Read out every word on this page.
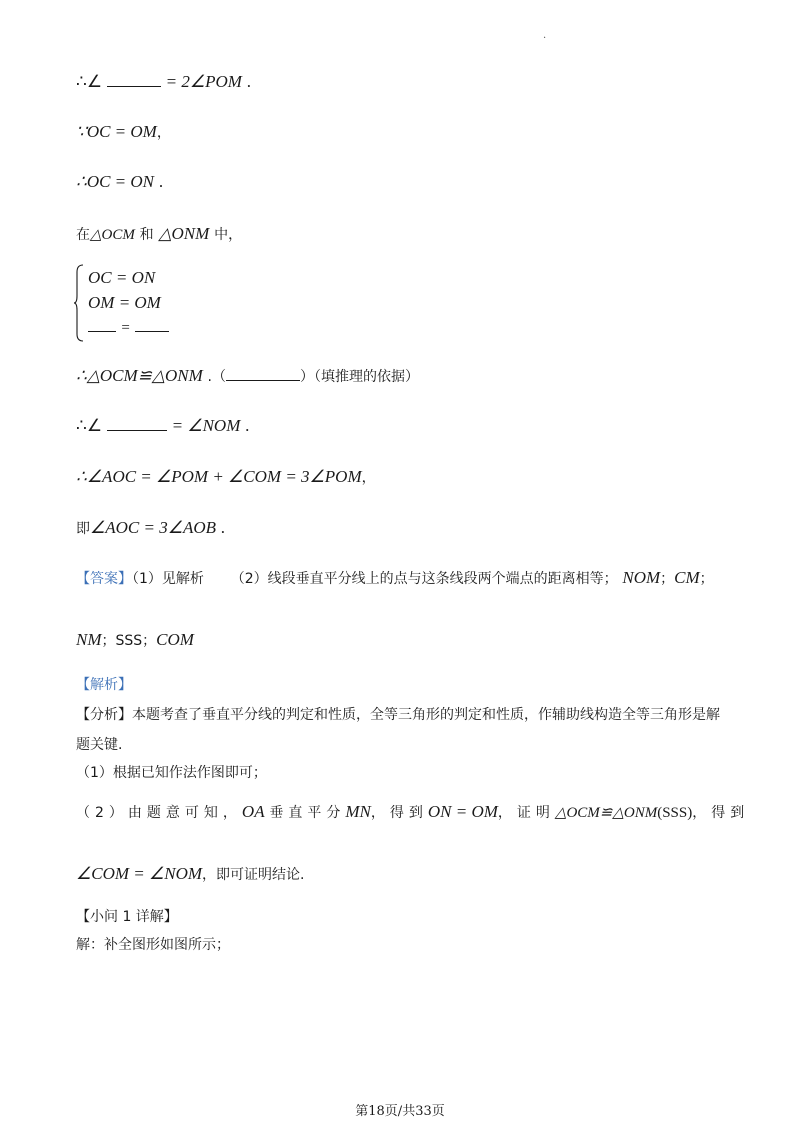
.
∴∠	= 2∠POM .
∵OC = OM，
∴OC = ON .
在△OCM 和 △ONM 中，
OC = ON
OM = OM
=
∴△OCM≌△ONM .（	）（填推理的依据）
∴∠	= ∠NOM .
∴∠AOC = ∠POM + ∠COM = 3∠POM，
即∠AOC = 3∠AOB .
【答案】（1）见解析 （2）线段垂直平分线上的点与这条线段两个端点的距离相等； NOM；CM；
NM；SSS；COM
【解析】
【分析】本题考查了垂直平分线的判定和性质，全等三角形的判定和性质，作辅助线构造全等三角形是解
题关键.
（1）根据已知作法作图即可；
（2）由题意可知，OA 垂直平分MN，得到ON = OM，证明△OCM≌△ONM(SSS)，得到
∠COM = ∠NOM，即可证明结论.
【小问 1 详解】
解：补全图形如图所示；
第18页/共33页
